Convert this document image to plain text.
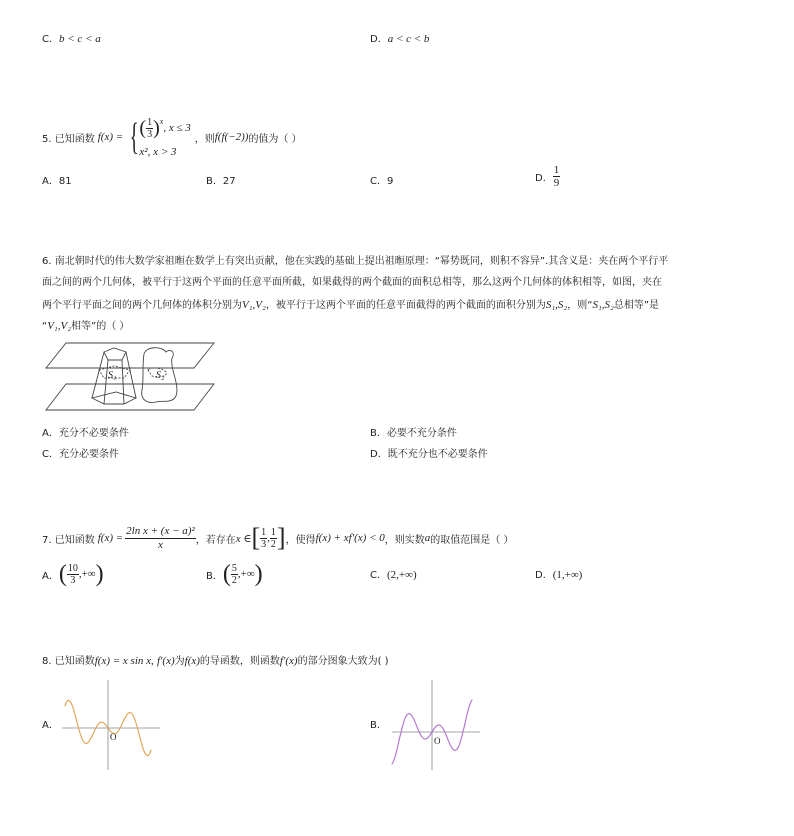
C．b < c < a	D．a < c < b
5. 已知函数 f(x) = { ( $\frac{1}{3} )^x$
, x ≤ 3
x², x > 3
，则 f(f(−2)) 的值为（ ）
A．81	B．27	C．9	D． $\frac{1}{9}$
6. 南北朝时代的伟大数学家祖暅在数学上有突出贡献，他在实践的基础上提出祖暅原理：“幂势既同，则积不容异”.其含义是：夹在两个平行平
面之间的两个几何体，被平行于这两个平面的任意平面所截，如果截得的两个截面的面积总相等，那么这两个几何体的体积相等，如图，夹在
两个平行平面之间的两个几何体的体积分别为V₁,V₂，被平行于这两个平面的任意平面截得的两个截面的面积分别为S₁,S₂，则“S₁,S₂总相等”是
“V₁,V₂相等”的（ ）
S₁	S₂
A．充分不必要条件	B．必要不充分条件
C．充分必要条件	D．既不充分也不必要条件
7. 已知函数 $f(x) = \frac{\text{2ln x + (x − a)²}}{x}$ ，若存在 x ∈ [ $\frac{1}{3}$ , $\frac{1}{2}$ ] ，使得 f(x) + xf′(x) < 0 ，则实数 a 的取值范围是（ ）
A． ( $\frac{10}{3}$ ,+∞ )	B． ( $\frac{5}{2}$ ,+∞ )	C．(2,+∞)	D．(1,+∞)
8. 已知函数f(x) = x sin x, f′(x)为f(x)的导函数，则函数f′(x)的部分图象大致为( )
A．
O
B．
O
